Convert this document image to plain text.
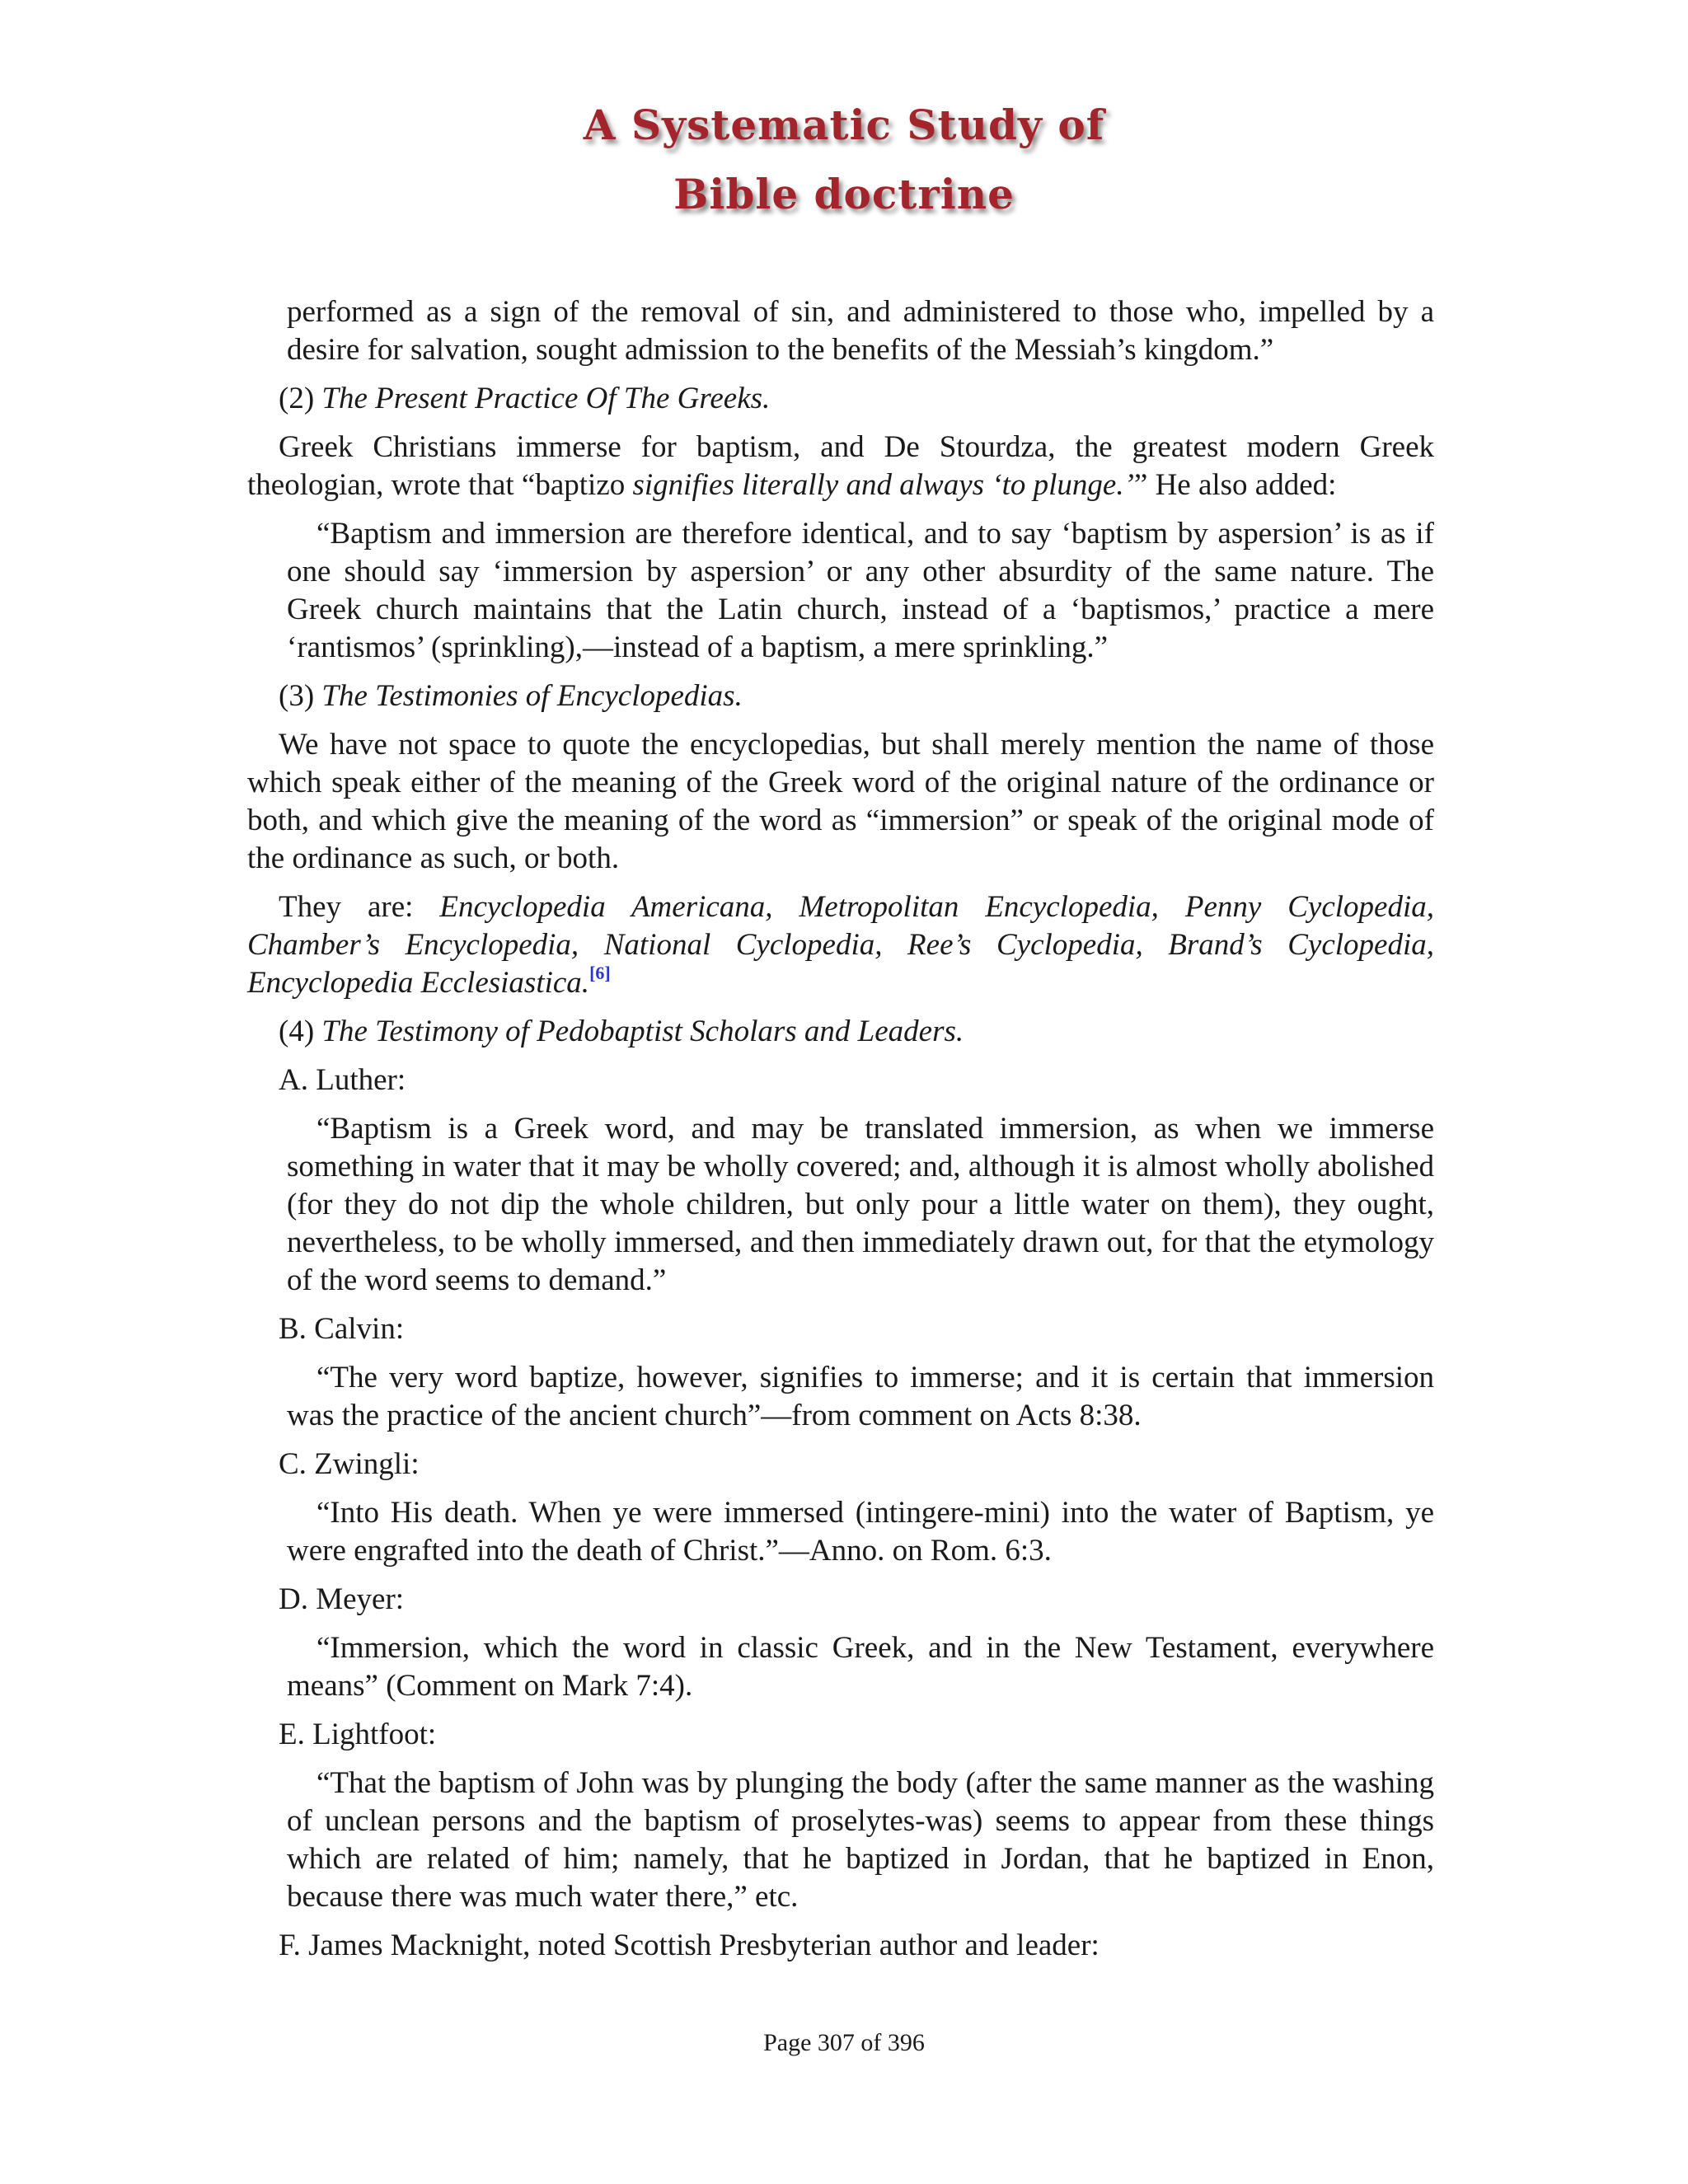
A Systematic Study of
Bible doctrine

performed as a sign of the removal of sin, and administered to those who, impelled by a desire for salvation, sought admission to the benefits of the Messiah’s kingdom.”

(2) The Present Practice Of The Greeks.

Greek Christians immerse for baptism, and De Stourdza, the greatest modern Greek theologian, wrote that “baptizo signifies literally and always ‘to plunge.’” He also added:

“Baptism and immersion are therefore identical, and to say ‘baptism by aspersion’ is as if one should say ‘immersion by aspersion’ or any other absurdity of the same nature. The Greek church maintains that the Latin church, instead of a ‘baptismos,’ practice a mere ‘rantismos’ (sprinkling),—instead of a baptism, a mere sprinkling.”

(3) The Testimonies of Encyclopedias.

We have not space to quote the encyclopedias, but shall merely mention the name of those which speak either of the meaning of the Greek word of the original nature of the ordinance or both, and which give the meaning of the word as “immersion” or speak of the original mode of the ordinance as such, or both.

They are: Encyclopedia Americana, Metropolitan Encyclopedia, Penny Cyclopedia, Chamber’s Encyclopedia, National Cyclopedia, Ree’s Cyclopedia, Brand’s Cyclopedia, Encyclopedia Ecclesiastica.[6]

(4) The Testimony of Pedobaptist Scholars and Leaders.

A. Luther:

“Baptism is a Greek word, and may be translated immersion, as when we immerse something in water that it may be wholly covered; and, although it is almost wholly abolished (for they do not dip the whole children, but only pour a little water on them), they ought, nevertheless, to be wholly immersed, and then immediately drawn out, for that the etymology of the word seems to demand.”

B. Calvin:

“The very word baptize, however, signifies to immerse; and it is certain that immersion was the practice of the ancient church”—from comment on Acts 8:38.

C. Zwingli:

“Into His death. When ye were immersed (intingere-mini) into the water of Baptism, ye were engrafted into the death of Christ.”—Anno. on Rom. 6:3.

D. Meyer:

“Immersion, which the word in classic Greek, and in the New Testament, everywhere means” (Comment on Mark 7:4).

E. Lightfoot:

“That the baptism of John was by plunging the body (after the same manner as the washing of unclean persons and the baptism of proselytes-was) seems to appear from these things which are related of him; namely, that he baptized in Jordan, that he baptized in Enon, because there was much water there,” etc.

F. James Macknight, noted Scottish Presbyterian author and leader:

Page 307 of 396
